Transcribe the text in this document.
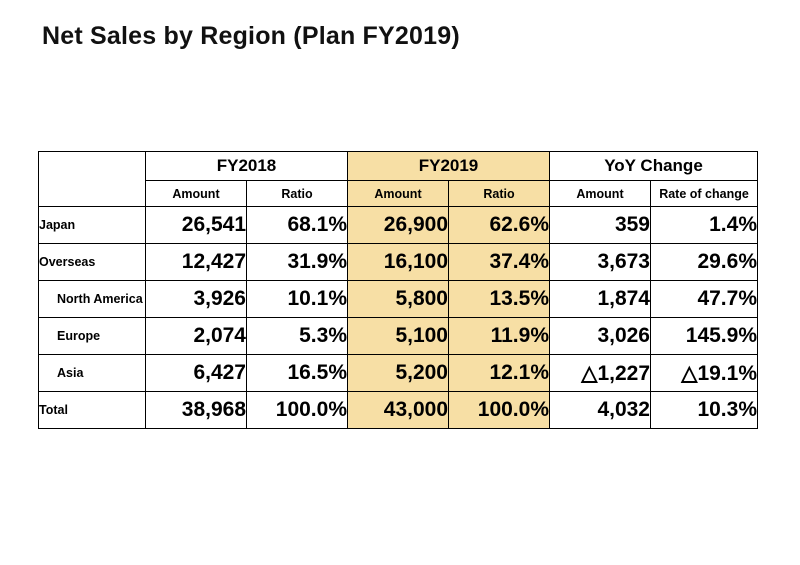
Net Sales by Region (Plan FY2019)
	FY2018		FY2019		YoY Change	
	Amount	Ratio	Amount	Ratio	Amount	Rate of change
Japan	26,541	68.1%	26,900	62.6%	359	1.4%
Overseas	12,427	31.9%	16,100	37.4%	3,673	29.6%
North America	3,926	10.1%	5,800	13.5%	1,874	47.7%
Europe	2,074	5.3%	5,100	11.9%	3,026	145.9%
Asia	6,427	16.5%	5,200	12.1%	△1,227	△19.1%
Total	38,968	100.0%	43,000	100.0%	4,032	10.3%
